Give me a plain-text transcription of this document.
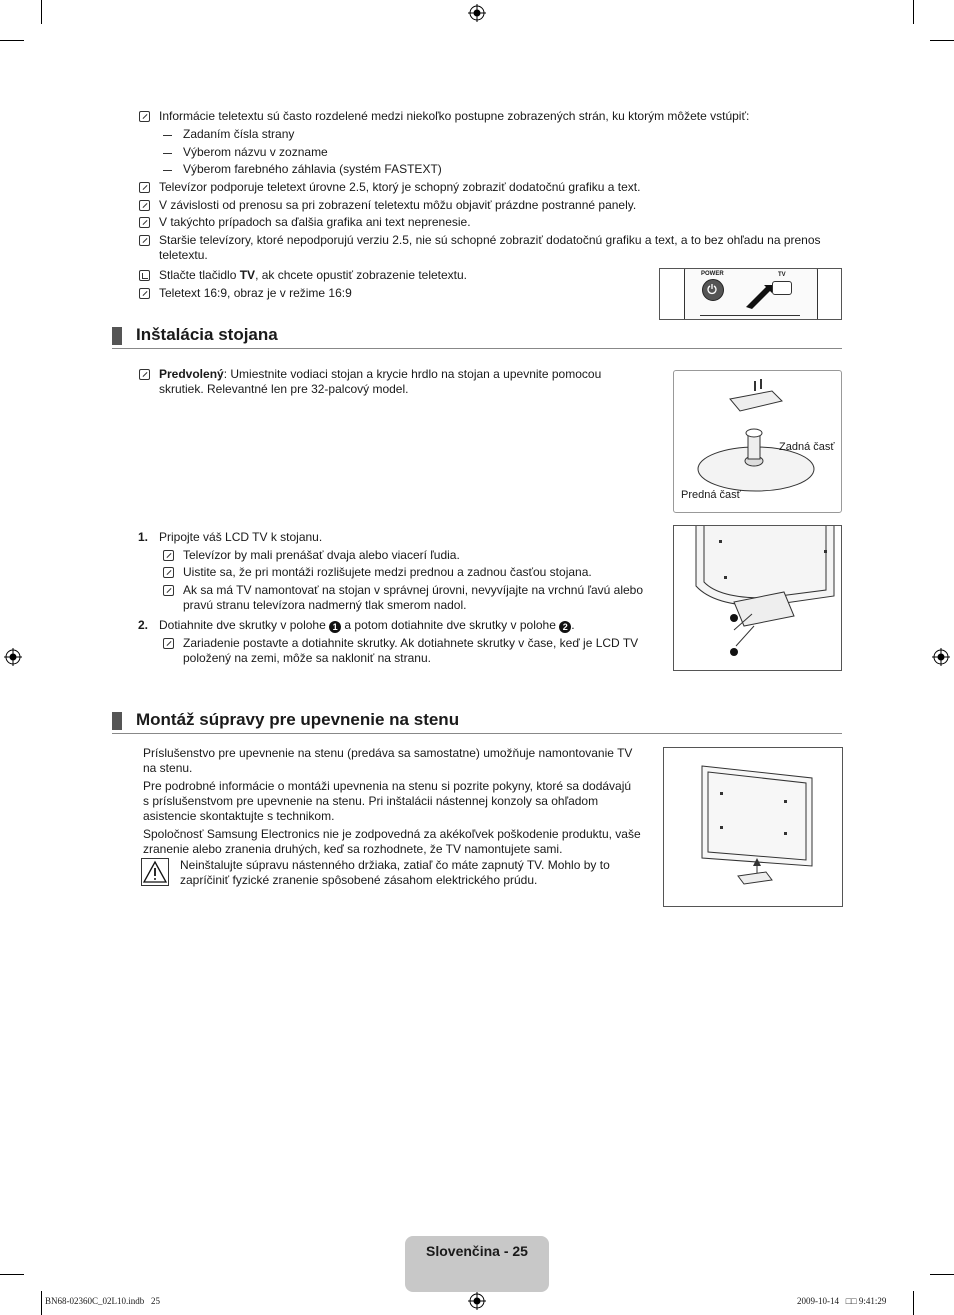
Informácie teletextu sú často rozdelené medzi niekoľko postupne zobrazených strán, ku ktorým môžete vstúpiť:
Zadaním čísla strany
Výberom názvu v zozname
Výberom farebného záhlavia (systém FASTEXT)
Televízor podporuje teletext úrovne 2.5, ktorý je schopný zobraziť dodatočnú grafiku a text.
V závislosti od prenosu sa pri zobrazení teletextu môžu objaviť prázdne postranné panely.
V takýchto prípadoch sa ďalšia grafika ani text neprenesie.
Staršie televízory, ktoré nepodporujú verziu 2.5, nie sú schopné zobraziť dodatočnú grafiku a text, a to bez ohľadu na prenos
teletextu.
Stlačte tlačidlo TV, ak chcete opustiť zobrazenie teletextu.
Teletext 16:9, obraz je v režime 16:9
POWER	TV
Inštalácia stojana
Predvolený: Umiestnite vodiaci stojan a krycie hrdlo na stojan a upevnite pomocou
skrutiek. Relevantné len pre 32-palcový model.
Zadná časť
Predná časť
1. Pripojte váš LCD TV k stojanu.
Televízor by mali prenášať dvaja alebo viacerí ľudia.
Uistite sa, že pri montáži rozlišujete medzi prednou a zadnou časťou stojana.
Ak sa má TV namontovať na stojan v správnej úrovni, nevyvíjajte na vrchnú ľavú alebo
pravú stranu televízora nadmerný tlak smerom nadol.
2. Dotiahnite dve skrutky v polohe 1 a potom dotiahnite dve skrutky v polohe 2 .
Zariadenie postavte a dotiahnite skrutky. Ak dotiahnete skrutky v čase, keď je LCD TV
položený na zemi, môže sa nakloniť na stranu.
Montáž súpravy pre upevnenie na stenu
Príslušenstvo pre upevnenie na stenu (predáva sa samostatne) umožňuje namontovanie TV
na stenu.
Pre podrobné informácie o montáži upevnenia na stenu si pozrite pokyny, ktoré sa dodávajú
s príslušenstvom pre upevnenie na stenu. Pri inštalácii nástennej konzoly sa ohľadom
asistencie skontaktujte s technikom.
Spoločnosť Samsung Electronics nie je zodpovedná za akékoľvek poškodenie produktu, vaše
zranenie alebo zranenia druhých, keď sa rozhodnete, že TV namontujete sami.
Neinštalujte súpravu nástenného držiaka, zatiaľ čo máte zapnutý TV. Mohlo by to
zapríčiniť fyzické zranenie spôsobené zásahom elektrického prúdu.
Slovenčina - 25
BN68-02360C_02L10.indb   25	2009-10-14   □□ 9:41:29
